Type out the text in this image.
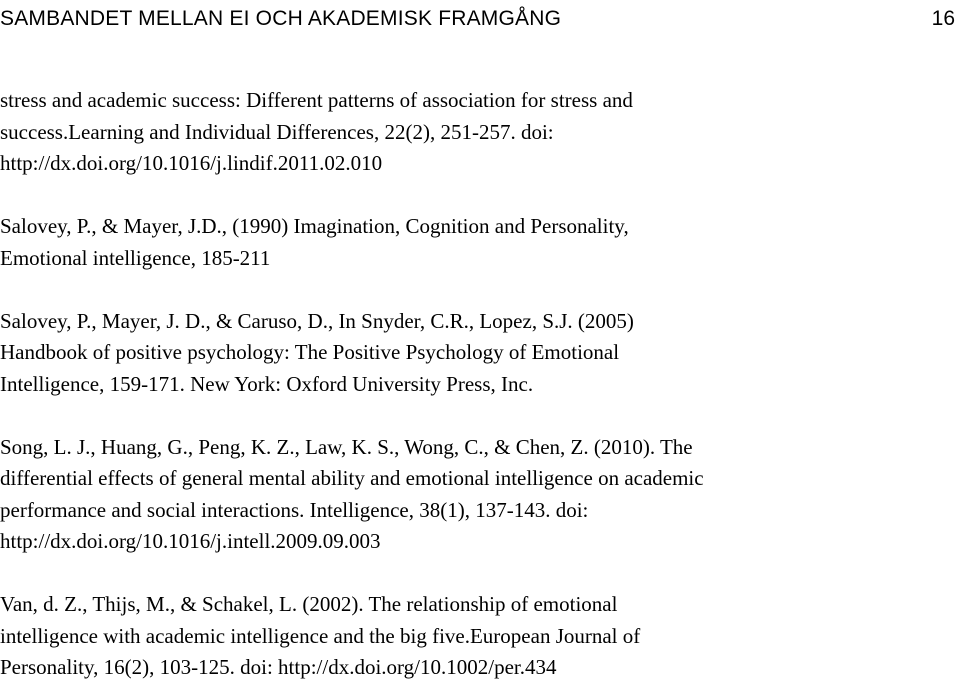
SAMBANDET MELLAN EI OCH AKADEMISK FRAMGÅNG	16
stress and academic success: Different patterns of association for stress and
success.Learning and Individual Differences, 22(2), 251-257. doi:
http://dx.doi.org/10.1016/j.lindif.2011.02.010
Salovey, P., & Mayer, J.D., (1990) Imagination, Cognition and Personality,
Emotional intelligence, 185-211
Salovey, P., Mayer, J. D., & Caruso, D., In Snyder, C.R., Lopez, S.J. (2005)
Handbook of positive psychology: The Positive Psychology of Emotional
Intelligence, 159-171. New York: Oxford University Press, Inc.
Song, L. J., Huang, G., Peng, K. Z., Law, K. S., Wong, C., & Chen, Z. (2010). The
differential effects of general mental ability and emotional intelligence on academic
performance and social interactions. Intelligence, 38(1), 137-143. doi:
http://dx.doi.org/10.1016/j.intell.2009.09.003
Van, d. Z., Thijs, M., & Schakel, L. (2002). The relationship of emotional
intelligence with academic intelligence and the big five.European Journal of
Personality, 16(2), 103-125. doi: http://dx.doi.org/10.1002/per.434
